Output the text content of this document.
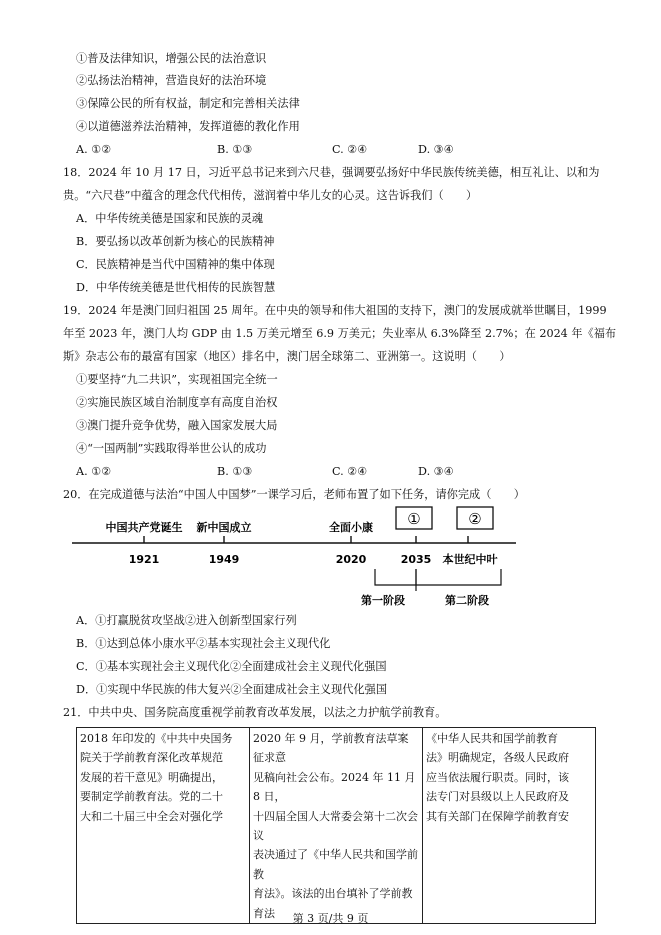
①普及法律知识，增强公民的法治意识
②弘扬法治精神，营造良好的法治环境
③保障公民的所有权益，制定和完善相关法律
④以道德滋养法治精神，发挥道德的教化作用
A. ①②	B. ①③	C. ②④	D. ③④
18．2024 年 10 月 17 日，习近平总书记来到六尺巷，强调要弘扬好中华民族传统美德，相互礼让、以和为
贵。“六尺巷”中蕴含的理念代代相传，滋润着中华儿女的心灵。这告诉我们（　　）
A．中华传统美德是国家和民族的灵魂
B．要弘扬以改革创新为核心的民族精神
C．民族精神是当代中国精神的集中体现
D．中华传统美德是世代相传的民族智慧
19．2024 年是澳门回归祖国 25 周年。在中央的领导和伟大祖国的支持下，澳门的发展成就举世瞩目，1999
年至 2023 年，澳门人均 GDP 由 1.5 万美元增至 6.9 万美元；失业率从 6.3%降至 2.7%；在 2024 年《福布
斯》杂志公布的最富有国家（地区）排名中，澳门居全球第二、亚洲第一。这说明（　　）
①要坚持“九二共识”，实现祖国完全统一
②实施民族区域自治制度享有高度自治权
③澳门提升竞争优势，融入国家发展大局
④“一国两制”实践取得举世公认的成功
A. ①②	B. ①③	C. ②④	D. ③④
20．在完成道德与法治“中国人中国梦”一课学习后，老师布置了如下任务，请你完成（　　）
中国共产党诞生 新中国成立	全面小康 ①	②
1921	1949	2020	2035 本世纪中叶
第一阶段	第二阶段
A．①打赢脱贫攻坚战②进入创新型国家行列
B．①达到总体小康水平②基本实现社会主义现代化
C．①基本实现社会主义现代化②全面建成社会主义现代化强国
D．①实现中华民族的伟大复兴②全面建成社会主义现代化强国
21．中共中央、国务院高度重视学前教育改革发展，以法之力护航学前教育。
2018 年印发的《中共中央国务
院关于学前教育深化改革规范
发展的若干意见》明确提出，
要制定学前教育法。党的二十
大和二十届三中全会对强化学

2020 年 9 月，学前教育法草案征求意
见稿向社会公布。2024 年 11 月 8 日，
十四届全国人大常委会第十二次会议
表决通过了《中华人民共和国学前教
育法》。该法的出台填补了学前教育法

《中华人民共和国学前教育
法》明确规定，各级人民政府
应当依法履行职责。同时，该
法专门对县级以上人民政府及
其有关部门在保障学前教育安
第 3 页/共 9 页
